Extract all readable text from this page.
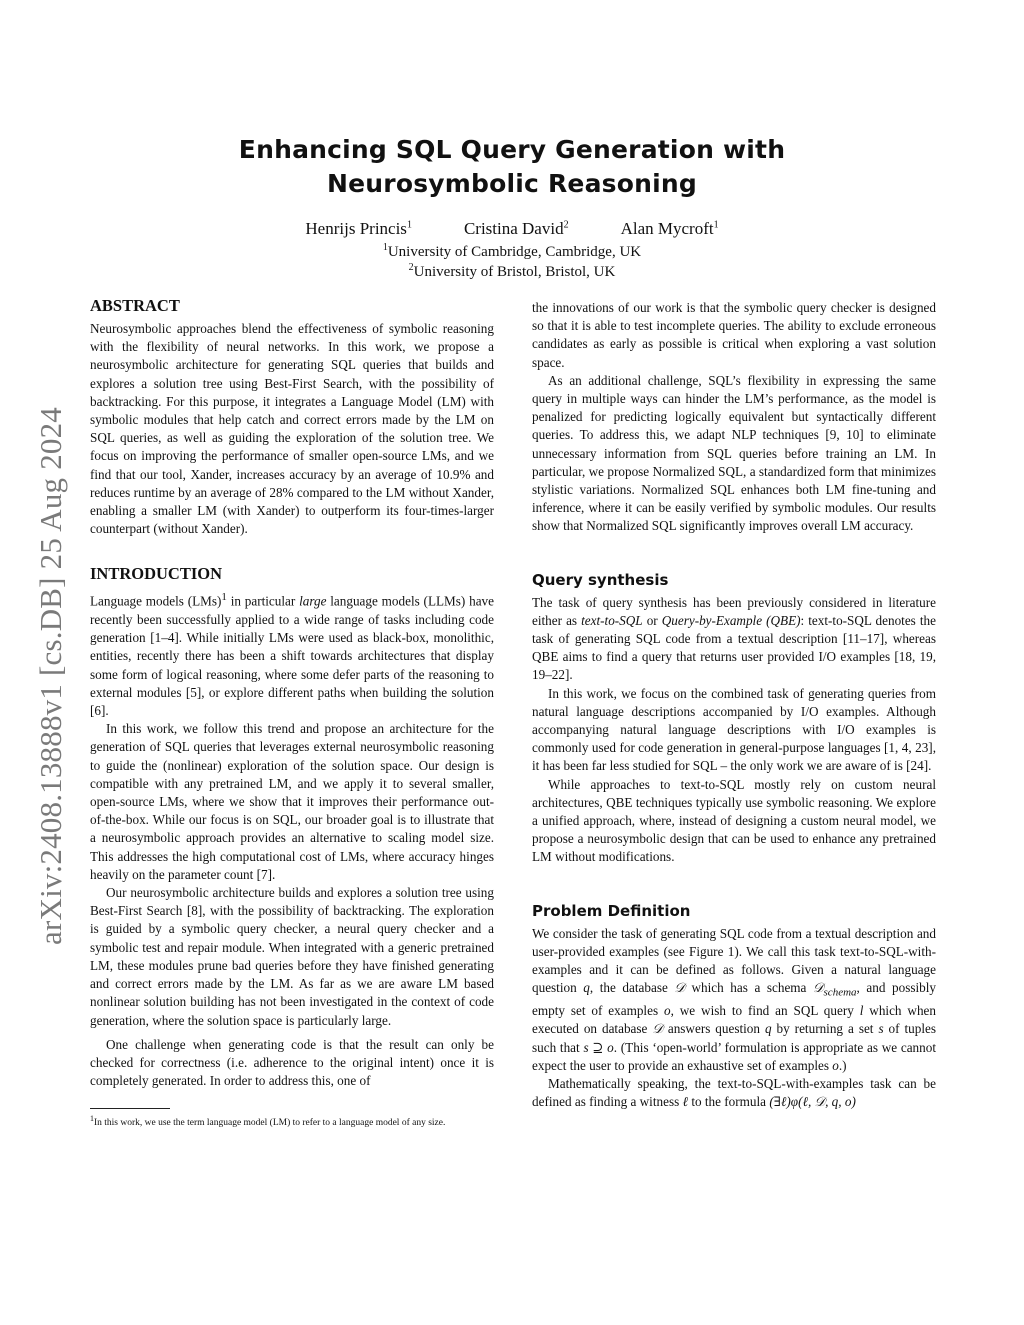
arXiv:2408.13888v1 [cs.DB] 25 Aug 2024
Enhancing SQL Query Generation with Neurosymbolic Reasoning
Henrijs Princis$^1$	Cristina David$^2$	Alan Mycroft$^1$
$^1$University of Cambridge, Cambridge, UK
$^2$University of Bristol, Bristol, UK
ABSTRACT

Neurosymbolic approaches blend the effectiveness of symbolic reasoning with the flexibility of neural networks. In this work, we propose a neurosymbolic architecture for generating SQL queries that builds and explores a solution tree using Best-First Search, with the possibility of backtracking. For this purpose, it integrates a Language Model (LM) with symbolic modules that help catch and correct errors made by the LM on SQL queries, as well as guiding the exploration of the solution tree. We focus on improving the performance of smaller open-source LMs, and we find that our tool, Xander, increases accuracy by an average of 10.9% and reduces runtime by an average of 28% compared to the LM without Xander, enabling a smaller LM (with Xander) to outperform its four-times-larger counterpart (without Xander).

INTRODUCTION

Language models (LMs)$^1$ in particular large language models (LLMs) have recently been successfully applied to a wide range of tasks including code generation [1–4]. While initially LMs were used as black-box, monolithic, entities, recently there has been a shift towards architectures that display some form of logical reasoning, where some defer parts of the reasoning to external modules [5], or explore different paths when building the solution [6].

In this work, we follow this trend and propose an architecture for the generation of SQL queries that leverages external neurosymbolic reasoning to guide the (nonlinear) exploration of the solution space. Our design is compatible with any pretrained LM, and we apply it to several smaller, open-source LMs, where we show that it improves their performance out-of-the-box. While our focus is on SQL, our broader goal is to illustrate that a neurosymbolic approach provides an alternative to scaling model size. This addresses the high computational cost of LMs, where accuracy hinges heavily on the parameter count [7].

Our neurosymbolic architecture builds and explores a solution tree using Best-First Search [8], with the possibility of backtracking. The exploration is guided by a symbolic query checker, a neural query checker and a symbolic test and repair module. When integrated with a generic pretrained LM, these modules prune bad queries before they have finished generating and correct errors made by the LM. As far as we are aware LM based nonlinear solution building has not been investigated in the context of code generation, where the solution space is particularly large.

One challenge when generating code is that the result can only be checked for correctness (i.e. adherence to the original intent) once it is completely generated. In order to address this, one of

$^1$In this work, we use the term language model (LM) to refer to a language model of any size.

the innovations of our work is that the symbolic query checker is designed so that it is able to test incomplete queries. The ability to exclude erroneous candidates as early as possible is critical when exploring a vast solution space.

As an additional challenge, SQL’s flexibility in expressing the same query in multiple ways can hinder the LM’s performance, as the model is penalized for predicting logically equivalent but syntactically different queries. To address this, we adapt NLP techniques [9, 10] to eliminate unnecessary information from SQL queries before training an LM. In particular, we propose Normalized SQL, a standardized form that minimizes stylistic variations. Normalized SQL enhances both LM fine-tuning and inference, where it can be easily verified by symbolic modules. Our results show that Normalized SQL significantly improves overall LM accuracy.

Query synthesis

The task of query synthesis has been previously considered in literature either as text-to-SQL or Query-by-Example (QBE): text-to-SQL denotes the task of generating SQL code from a textual description [11–17], whereas QBE aims to find a query that returns user provided I/O examples [18, 19, 19–22].

In this work, we focus on the combined task of generating queries from natural language descriptions accompanied by I/O examples. Although accompanying natural language descriptions with I/O examples is commonly used for code generation in general-purpose languages [1, 4, 23], it has been far less studied for SQL – the only work we are aware of is [24].

While approaches to text-to-SQL mostly rely on custom neural architectures, QBE techniques typically use symbolic reasoning. We explore a unified approach, where, instead of designing a custom neural model, we propose a neurosymbolic design that can be used to enhance any pretrained LM without modifications.

Problem Definition

We consider the task of generating SQL code from a textual description and user-provided examples (see Figure 1). We call this task text-to-SQL-with-examples and it can be defined as follows. Given a natural language question q, the database 𝒟 which has a schema 𝒟$_{schema}$, and possibly empty set of examples o, we wish to find an SQL query l which when executed on database 𝒟 answers question q by returning a set s of tuples such that s ⊇ o. (This ‘open-world’ formulation is appropriate as we cannot expect the user to provide an exhaustive set of examples o.)

Mathematically speaking, the text-to-SQL-with-examples task can be defined as finding a witness ℓ to the formula (∃ℓ)φ(ℓ, 𝒟, q, o)
